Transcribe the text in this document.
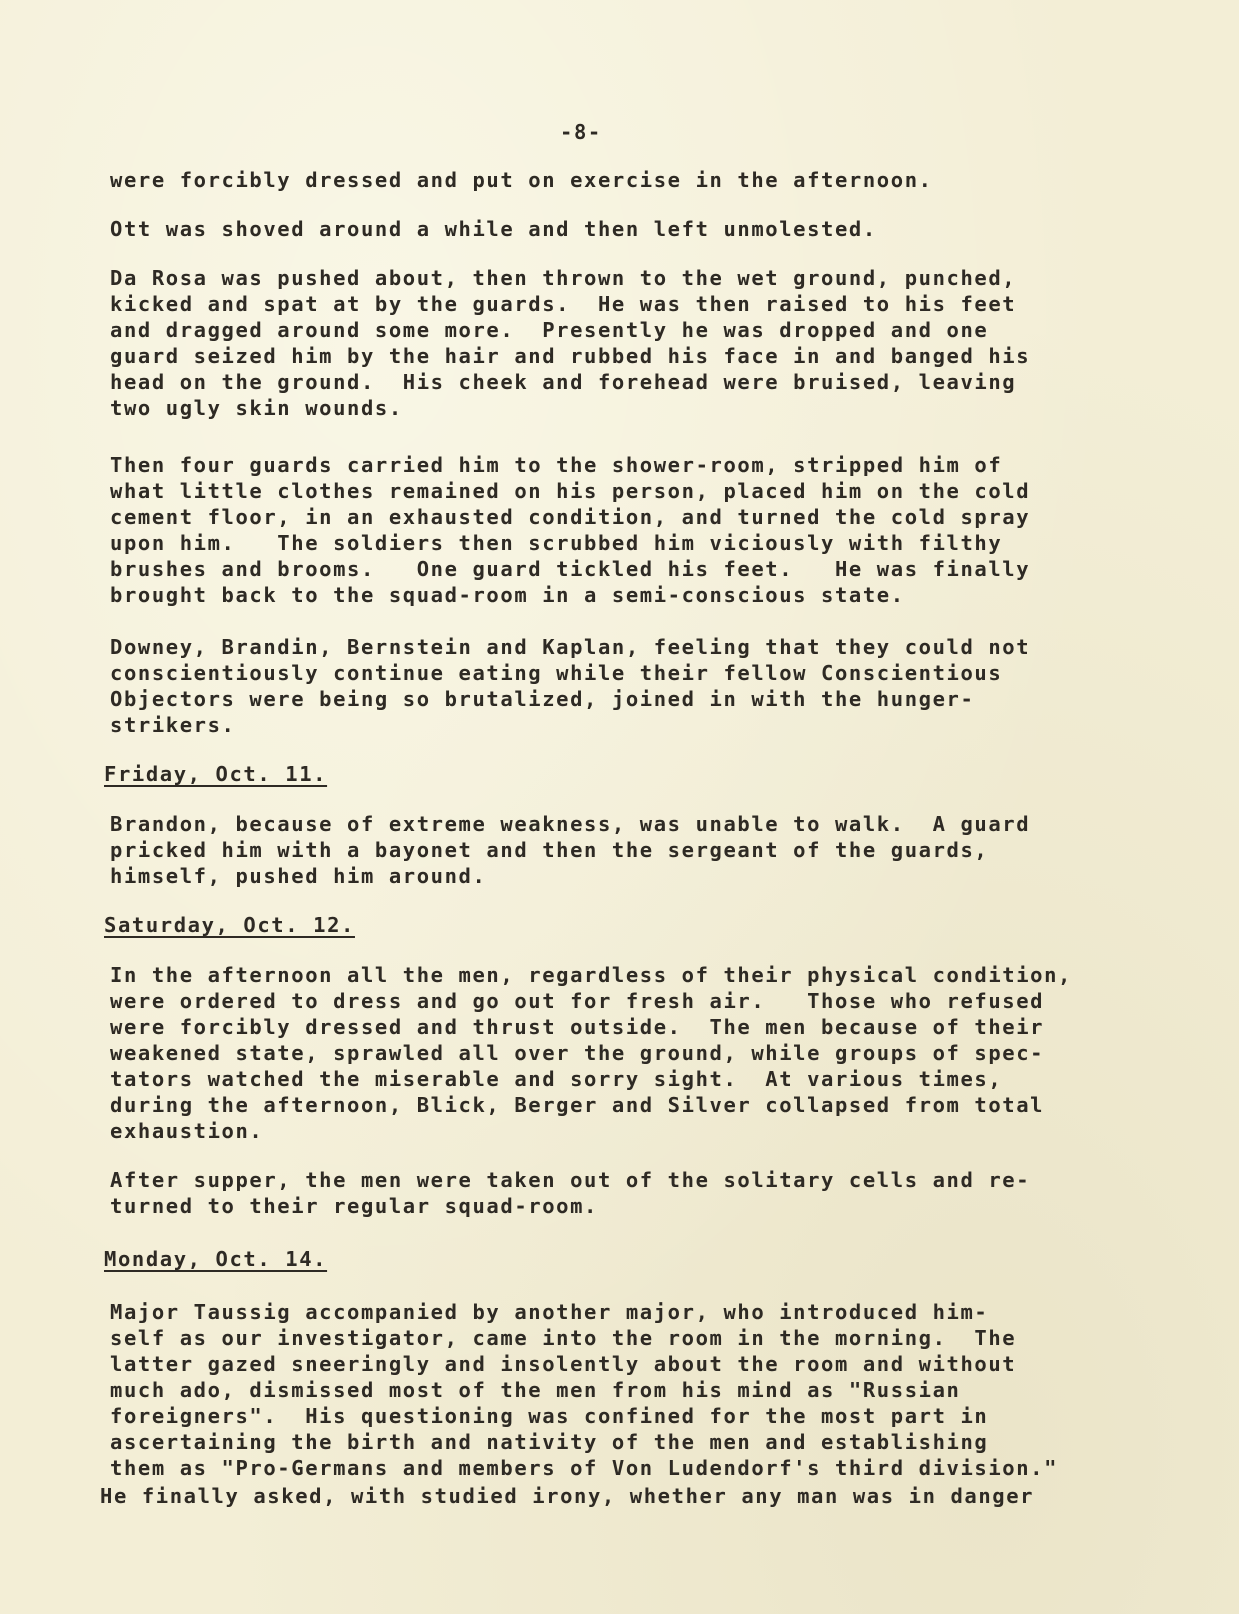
-8-
were forcibly dressed and put on exercise in the afternoon.
Ott was shoved around a while and then left unmolested.
Da Rosa was pushed about, then thrown to the wet ground, punched,
kicked and spat at by the guards.  He was then raised to his feet
and dragged around some more.  Presently he was dropped and one
guard seized him by the hair and rubbed his face in and banged his
head on the ground.  His cheek and forehead were bruised, leaving
two ugly skin wounds.
Then four guards carried him to the shower-room, stripped him of
what little clothes remained on his person, placed him on the cold
cement floor, in an exhausted condition, and turned the cold spray
upon him.   The soldiers then scrubbed him viciously with filthy
brushes and brooms.   One guard tickled his feet.   He was finally
brought back to the squad-room in a semi-conscious state.
Downey, Brandin, Bernstein and Kaplan, feeling that they could not
conscientiously continue eating while their fellow Conscientious
Objectors were being so brutalized, joined in with the hunger-
strikers.
Friday, Oct. 11.
Brandon, because of extreme weakness, was unable to walk.  A guard
pricked him with a bayonet and then the sergeant of the guards,
himself, pushed him around.
Saturday, Oct. 12.
In the afternoon all the men, regardless of their physical condition,
were ordered to dress and go out for fresh air.   Those who refused
were forcibly dressed and thrust outside.  The men because of their
weakened state, sprawled all over the ground, while groups of spec-
tators watched the miserable and sorry sight.  At various times,
during the afternoon, Blick, Berger and Silver collapsed from total
exhaustion.
After supper, the men were taken out of the solitary cells and re-
turned to their regular squad-room.
Monday, Oct. 14.
Major Taussig accompanied by another major, who introduced him-
self as our investigator, came into the room in the morning.  The
latter gazed sneeringly and insolently about the room and without
much ado, dismissed most of the men from his mind as "Russian
foreigners".  His questioning was confined for the most part in
ascertaining the birth and nativity of the men and establishing
them as "Pro-Germans and members of Von Ludendorf's third division."
He finally asked, with studied irony, whether any man was in danger
